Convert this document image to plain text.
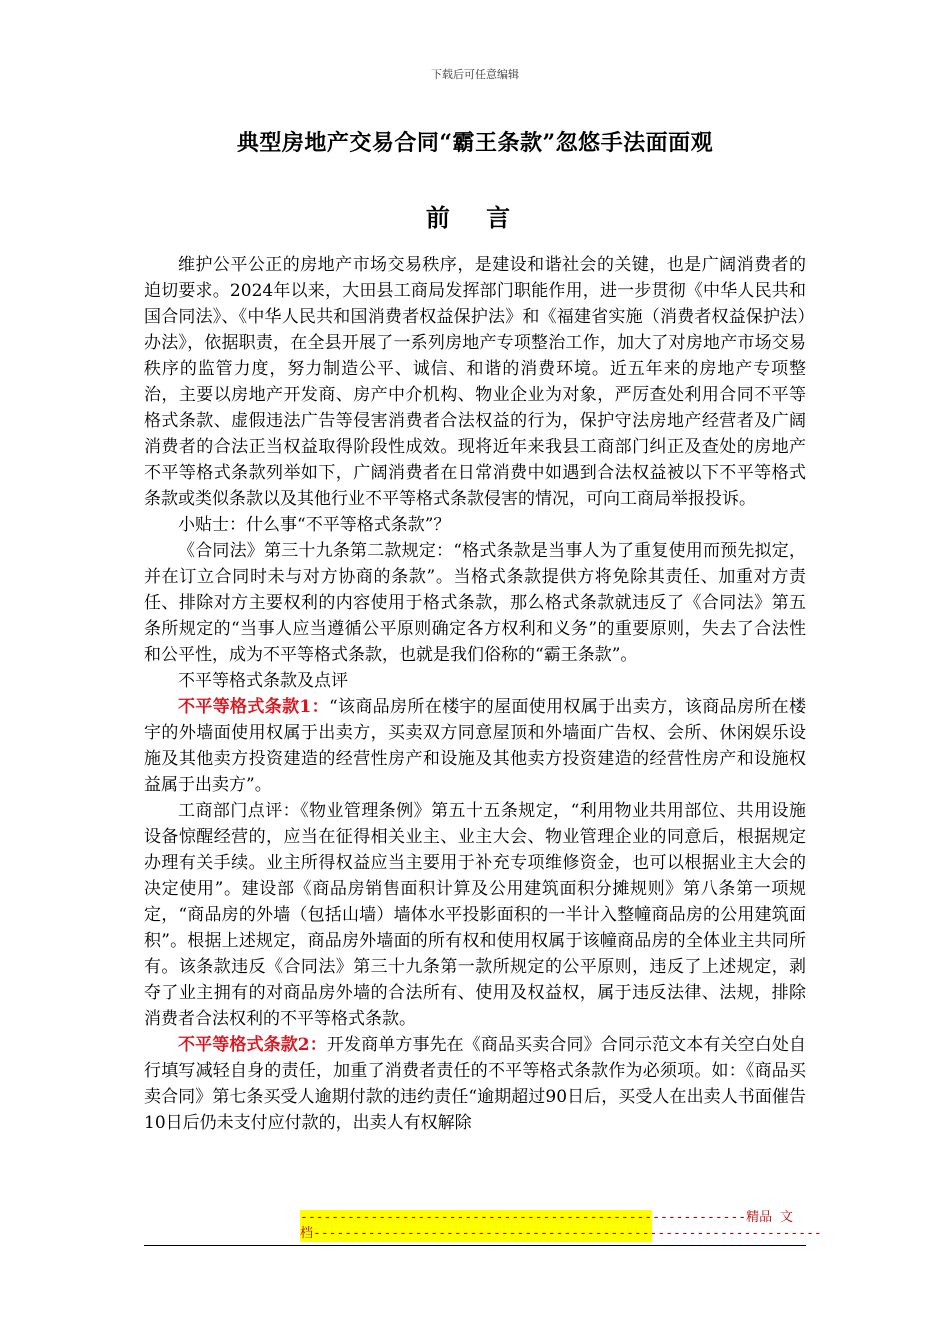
下载后可任意编辑
典型房地产交易合同“霸王条款”忽悠手法面面观
前 言

维护公平公正的房地产市场交易秩序，是建设和谐社会的关键，也是广阔消费者的迫切要求。2024年以来，大田县工商局发挥部门职能作用，进一步贯彻《中华人民共和国合同法》、《中华人民共和国消费者权益保护法》和《福建省实施（消费者权益保护法）办法》，依据职责，在全县开展了一系列房地产专项整治工作，加大了对房地产市场交易秩序的监管力度，努力制造公平、诚信、和谐的消费环境。近五年来的房地产专项整治，主要以房地产开发商、房产中介机构、物业企业为对象，严厉查处利用合同不平等格式条款、虚假违法广告等侵害消费者合法权益的行为，保护守法房地产经营者及广阔消费者的合法正当权益取得阶段性成效。现将近年来我县工商部门纠正及查处的房地产不平等格式条款列举如下，广阔消费者在日常消费中如遇到合法权益被以下不平等格式条款或类似条款以及其他行业不平等格式条款侵害的情况，可向工商局举报投诉。

小贴士：什么事“不平等格式条款”？

《合同法》第三十九条第二款规定：“格式条款是当事人为了重复使用而预先拟定，并在订立合同时未与对方协商的条款”。当格式条款提供方将免除其责任、加重对方责任、排除对方主要权利的内容使用于格式条款，那么格式条款就违反了《合同法》第五条所规定的“当事人应当遵循公平原则确定各方权利和义务”的重要原则，失去了合法性和公平性，成为不平等格式条款，也就是我们俗称的“霸王条款”。

不平等格式条款及点评

不平等格式条款1：“该商品房所在楼宇的屋面使用权属于出卖方，该商品房所在楼宇的外墙面使用权属于出卖方，买卖双方同意屋顶和外墙面广告权、会所、休闲娱乐设施及其他卖方投资建造的经营性房产和设施及其他卖方投资建造的经营性房产和设施权益属于出卖方”。

工商部门点评：《物业管理条例》第五十五条规定，“利用物业共用部位、共用设施设备惊醒经营的，应当在征得相关业主、业主大会、物业管理企业的同意后，根据规定办理有关手续。业主所得权益应当主要用于补充专项维修资金，也可以根据业主大会的决定使用”。建设部《商品房销售面积计算及公用建筑面积分摊规则》第八条第一项规定，“商品房的外墙（包括山墙）墙体水平投影面积的一半计入整幢商品房的公用建筑面积”。根据上述规定，商品房外墙面的所有权和使用权属于该幢商品房的全体业主共同所有。该条款违反《合同法》第三十九条第一款所规定的公平原则，违反了上述规定，剥夺了业主拥有的对商品房外墙的合法所有、使用及权益权，属于违反法律、法规，排除消费者合法权利的不平等格式条款。

不平等格式条款2：开发商单方事先在《商品买卖合同》合同示范文本有关空白处自行填写减轻自身的责任，加重了消费者责任的不平等格式条款作为必须项。如：《商品买卖合同》第七条买受人逾期付款的违约责任“逾期超过90日后，买受人在出卖人书面催告10日后仍未支付应付款的，出卖人有权解除

---------------------------------------------------------精品 文
档-----------------------------------------------------------------
